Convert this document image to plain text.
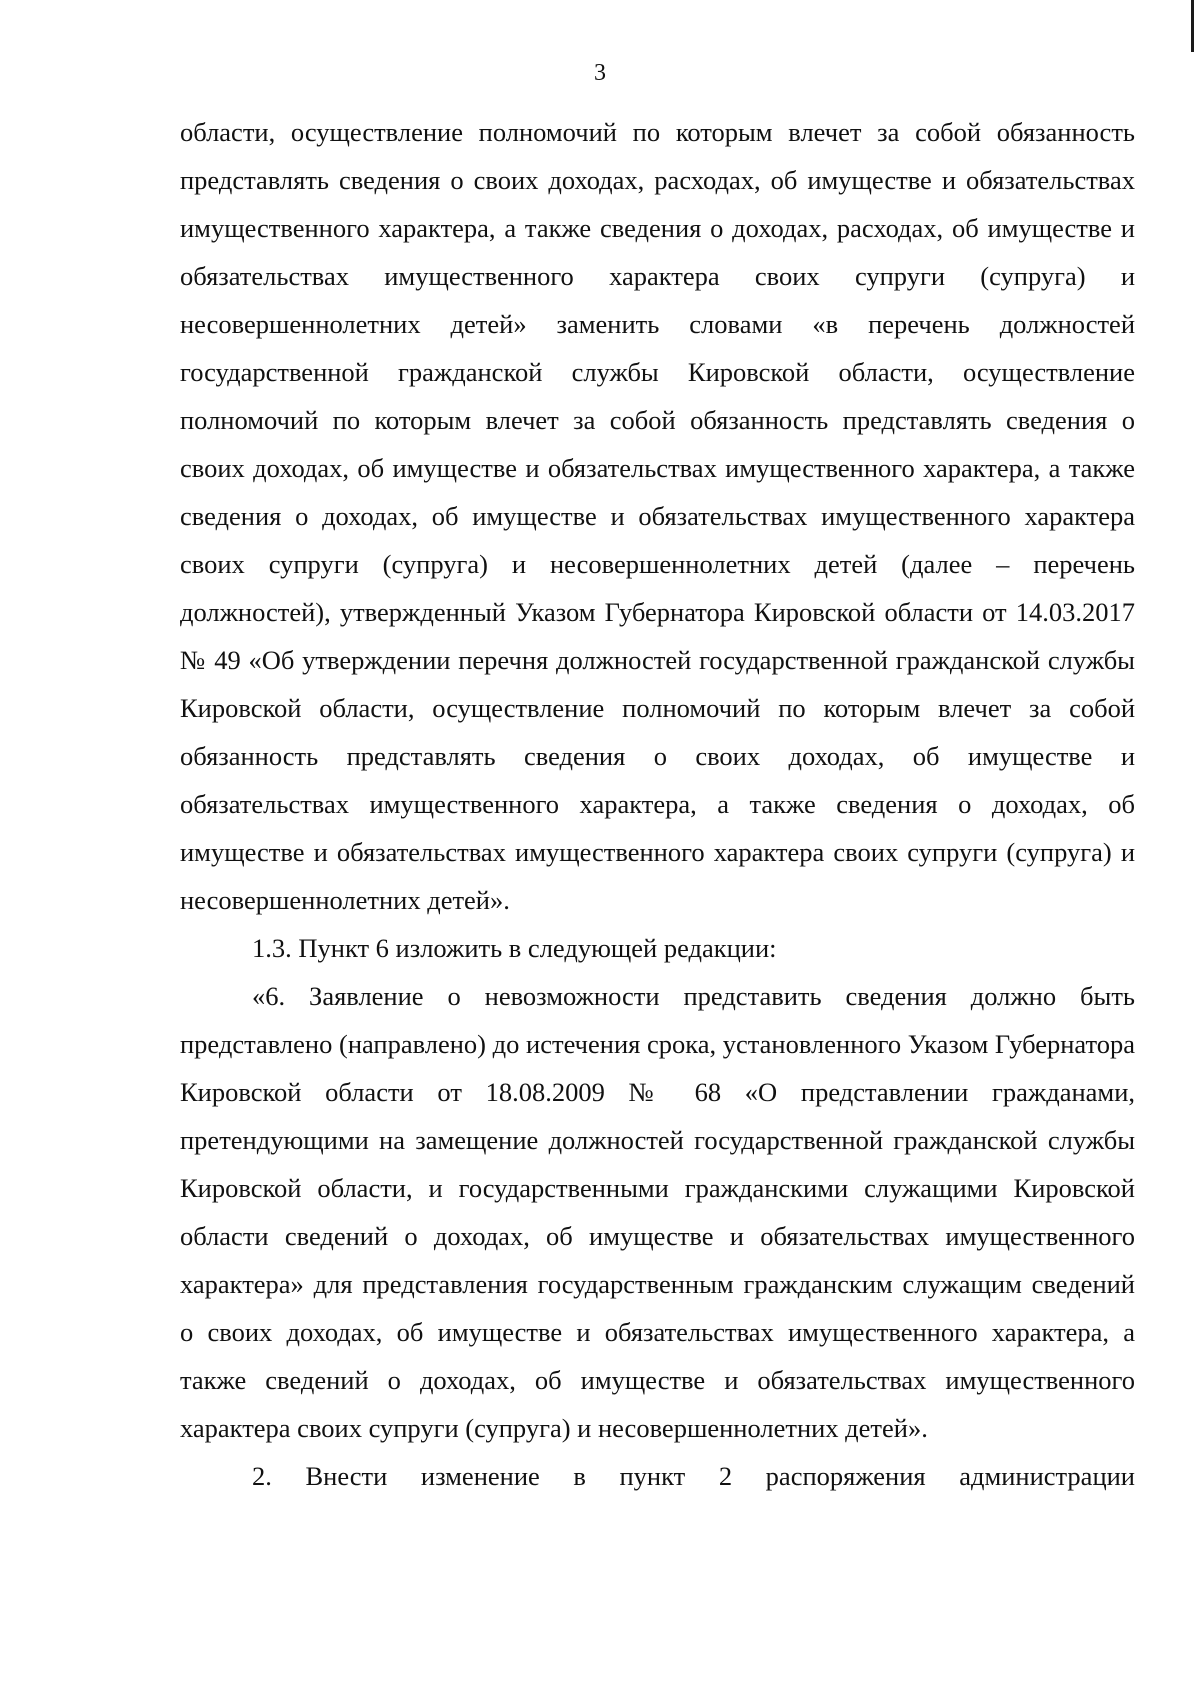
3

области, осуществление полномочий по которым влечет за собой обязанность представлять сведения о своих доходах, расходах, об имуществе и обязательствах имущественного характера, а также сведения о доходах, расходах, об имуществе и обязательствах имущественного характера своих супруги (супруга) и несовершеннолетних детей» заменить словами «в перечень должностей государственной гражданской службы Кировской области, осуществление полномочий по которым влечет за собой обязанность представлять сведения о своих доходах, об имуществе и обязательствах имущественного характера, а также сведения о доходах, об имуществе и обязательствах имущественного характера своих супруги (супруга) и несовершеннолетних детей (далее – перечень должностей), утвержденный Указом Губернатора Кировской области от 14.03.2017 № 49 «Об утверждении перечня должностей государственной гражданской службы Кировской области, осуществление полномочий по которым влечет за собой обязанность представлять сведения о своих доходах, об имуществе и обязательствах имущественного характера, а также сведения о доходах, об имуществе и обязательствах имущественного характера своих супруги (супруга) и несовершеннолетних детей».

1.3. Пункт 6 изложить в следующей редакции:

«6. Заявление о невозможности представить сведения должно быть представлено (направлено) до истечения срока, установленного Указом Губернатора Кировской области от 18.08.2009 № 68 «О представлении гражданами, претендующими на замещение должностей государственной гражданской службы Кировской области, и государственными гражданскими служащими Кировской области сведений о доходах, об имуществе и обязательствах имущественного характера» для представления государственным гражданским служащим сведений о своих доходах, об имуществе и обязательствах имущественного характера, а также сведений о доходах, об имуществе и обязательствах имущественного характера своих супруги (супруга) и несовершеннолетних детей».

2. Внести изменение в пункт 2 распоряжения администрации
